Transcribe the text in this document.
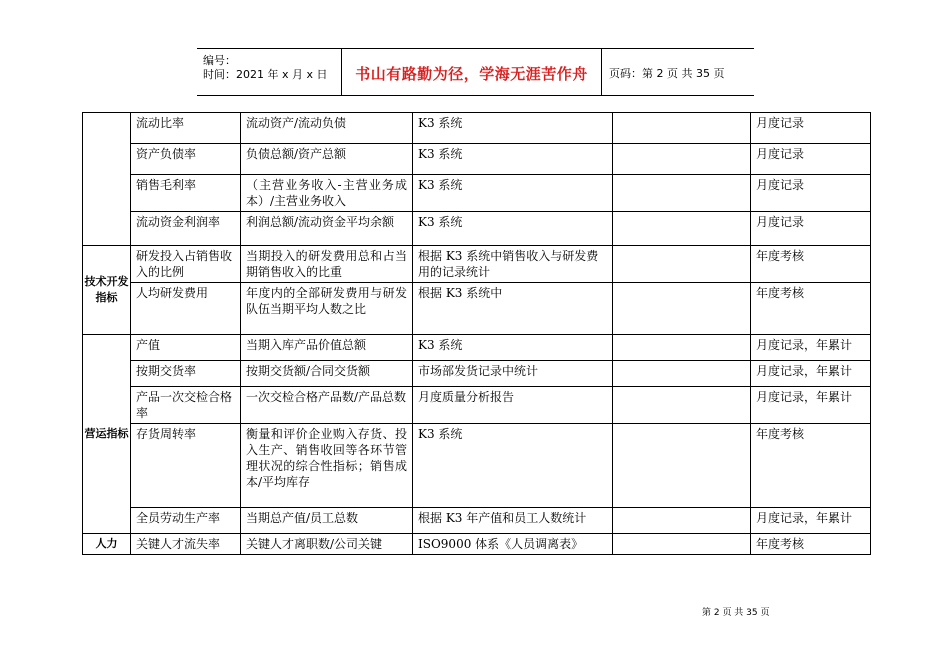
编号：
时间：2021 年 x 月 x 日	书山有路勤为径，学海无涯苦作舟	页码：第 2 页 共 35 页
	流动比率	流动资产/流动负债	K3 系统		月度记录
	资产负债率	负债总额/资产总额	K3 系统		月度记录
	销售毛利率	（主营业务收入-主营业务成本）/主营业务收入	K3 系统		月度记录
	流动资金利润率	利润总额/流动资金平均余额	K3 系统		月度记录
技术开发指标	研发投入占销售收入的比例	当期投入的研发费用总和占当期销售收入的比重	根据 K3 系统中销售收入与研发费用的记录统计		年度考核
	人均研发费用	年度内的全部研发费用与研发队伍当期平均人数之比	根据 K3 系统中		年度考核
营运指标	产值	当期入库产品价值总额	K3 系统		月度记录，年累计
	按期交货率	按期交货额/合同交货额	市场部发货记录中统计		月度记录，年累计
	产品一次交检合格率	一次交检合格产品数/产品总数	月度质量分析报告		月度记录，年累计
	存货周转率	衡量和评价企业购入存货、投入生产、销售收回等各环节管理状况的综合性指标；销售成本/平均库存	K3 系统		年度考核
	全员劳动生产率	当期总产值/员工总数	根据 K3 年产值和员工人数统计		月度记录，年累计
人力	关键人才流失率	关键人才离职数/公司关键	ISO9000 体系《人员调离表》		年度考核
第 2 页 共 35 页
